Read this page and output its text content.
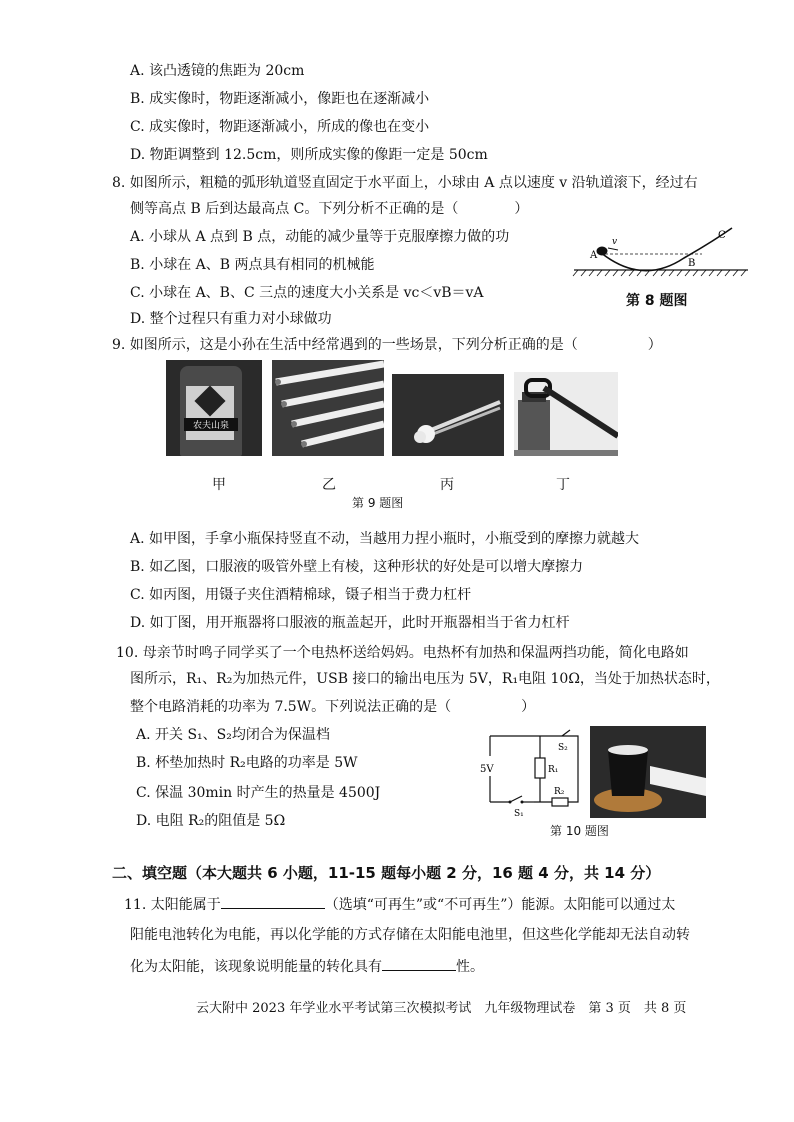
A. 该凸透镜的焦距为 20cm
B. 成实像时，物距逐渐减小，像距也在逐渐减小
C. 成实像时，物距逐渐减小，所成的像也在变小
D. 物距调整到 12.5cm，则所成实像的像距一定是 50cm
8. 如图所示，粗糙的弧形轨道竖直固定于水平面上，小球由 A 点以速度 v 沿轨道滚下，经过右
侧等高点 B 后到达最高点 C。下列分析不正确的是（　　　　）
A. 小球从 A 点到 B 点，动能的减少量等于克服摩擦力做的功
B. 小球在 A、B 两点具有相同的机械能
C. 小球在 A、B、C 三点的速度大小关系是 vc＜vB＝vA
D. 整个过程只有重力对小球做功
A
B
C
v
第 8 题图
9. 如图所示，这是小孙在生活中经常遇到的一些场景，下列分析正确的是（　　　　　）
农夫山泉
甲	乙	丙	丁
第 9 题图
A. 如甲图，手拿小瓶保持竖直不动，当越用力捏小瓶时，小瓶受到的摩擦力就越大
B. 如乙图，口服液的吸管外壁上有棱，这种形状的好处是可以增大摩擦力
C. 如丙图，用镊子夹住酒精棉球，镊子相当于费力杠杆
D. 如丁图，用开瓶器将口服液的瓶盖起开，此时开瓶器相当于省力杠杆
10. 母亲节时鸣子同学买了一个电热杯送给妈妈。电热杯有加热和保温两挡功能，简化电路如
图所示，R₁、R₂为加热元件，USB 接口的输出电压为 5V，R₁电阻 10Ω，当处于加热状态时，
整个电路消耗的功率为 7.5W。下列说法正确的是（　　　　　）
A. 开关 S₁、S₂均闭合为保温档
B. 杯垫加热时 R₂电路的功率是 5W
C. 保温 30min 时产生的热量是 4500J
D. 电阻 R₂的阻值是 5Ω
5V
S₁
R₁
S₂
R₂
第 10 题图
二、填空题（本大题共 6 小题，11-15 题每小题 2 分，16 题 4 分，共 14 分）
11. 太阳能属于	（选填“可再生”或“不可再生”）能源。太阳能可以通过太
阳能电池转化为电能，再以化学能的方式存储在太阳能电池里，但这些化学能却无法自动转
化为太阳能，该现象说明能量的转化具有	性。
云大附中 2023 年学业水平考试第三次模拟考试　九年级物理试卷　第 3 页　共 8 页
